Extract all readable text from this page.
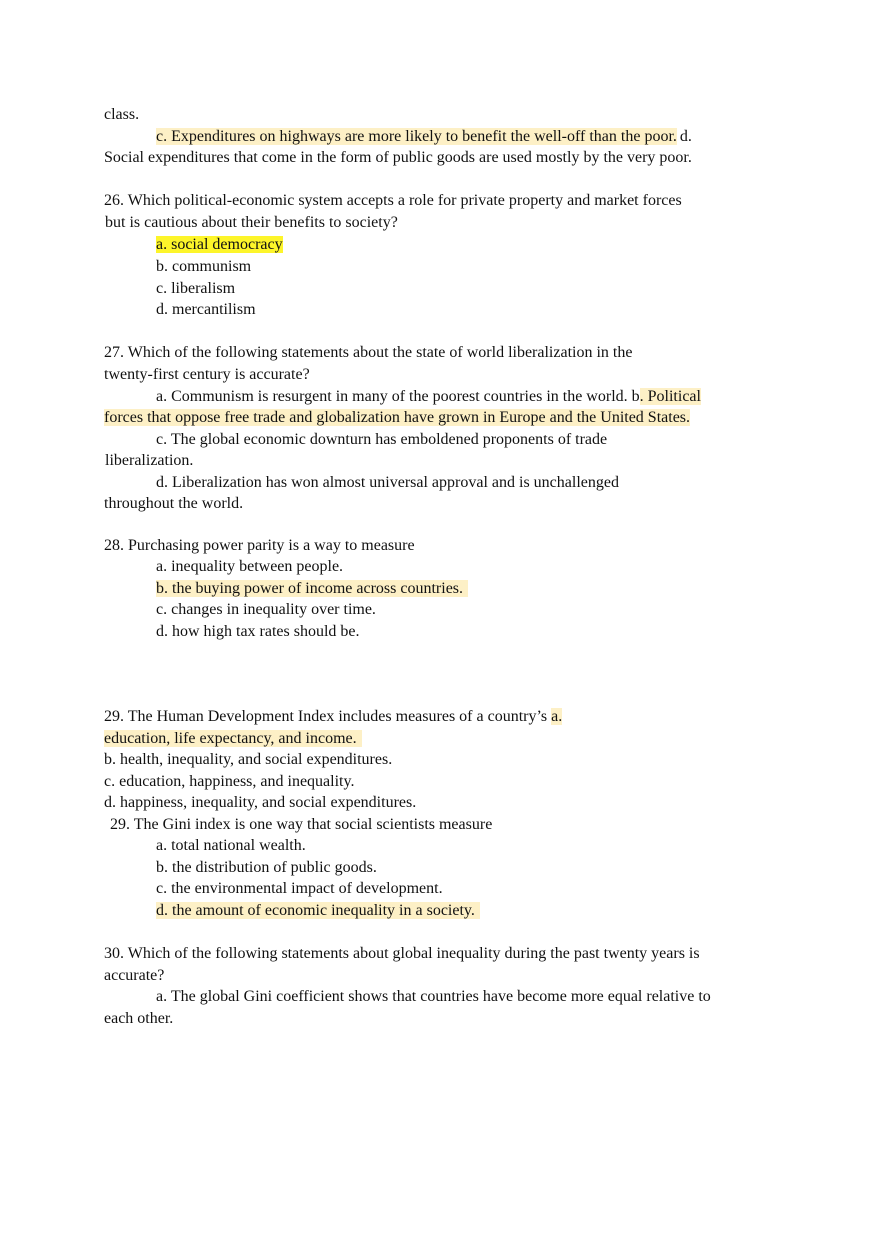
class.
c. Expenditures on highways are more likely to benefit the well-off than the poor. d.
Social expenditures that come in the form of public goods are used mostly by the very poor.
26. Which political-economic system accepts a role for private property and market forces
but is cautious about their benefits to society?
a. social democracy
b. communism
c. liberalism
d. mercantilism
27. Which of the following statements about the state of world liberalization in the
twenty-first century is accurate?
a. Communism is resurgent in many of the poorest countries in the world. b. Political
forces that oppose free trade and globalization have grown in Europe and the United States.
c. The global economic downturn has emboldened proponents of trade
liberalization.
d. Liberalization has won almost universal approval and is unchallenged
throughout the world.
28. Purchasing power parity is a way to measure
a. inequality between people.
b. the buying power of income across countries.
c. changes in inequality over time.
d. how high tax rates should be.
29. The Human Development Index includes measures of a country’s a.
education, life expectancy, and income.
b. health, inequality, and social expenditures.
c. education, happiness, and inequality.
d. happiness, inequality, and social expenditures.
29. The Gini index is one way that social scientists measure
a. total national wealth.
b. the distribution of public goods.
c. the environmental impact of development.
d. the amount of economic inequality in a society.
30. Which of the following statements about global inequality during the past twenty years is
accurate?
a. The global Gini coefficient shows that countries have become more equal relative to
each other.
